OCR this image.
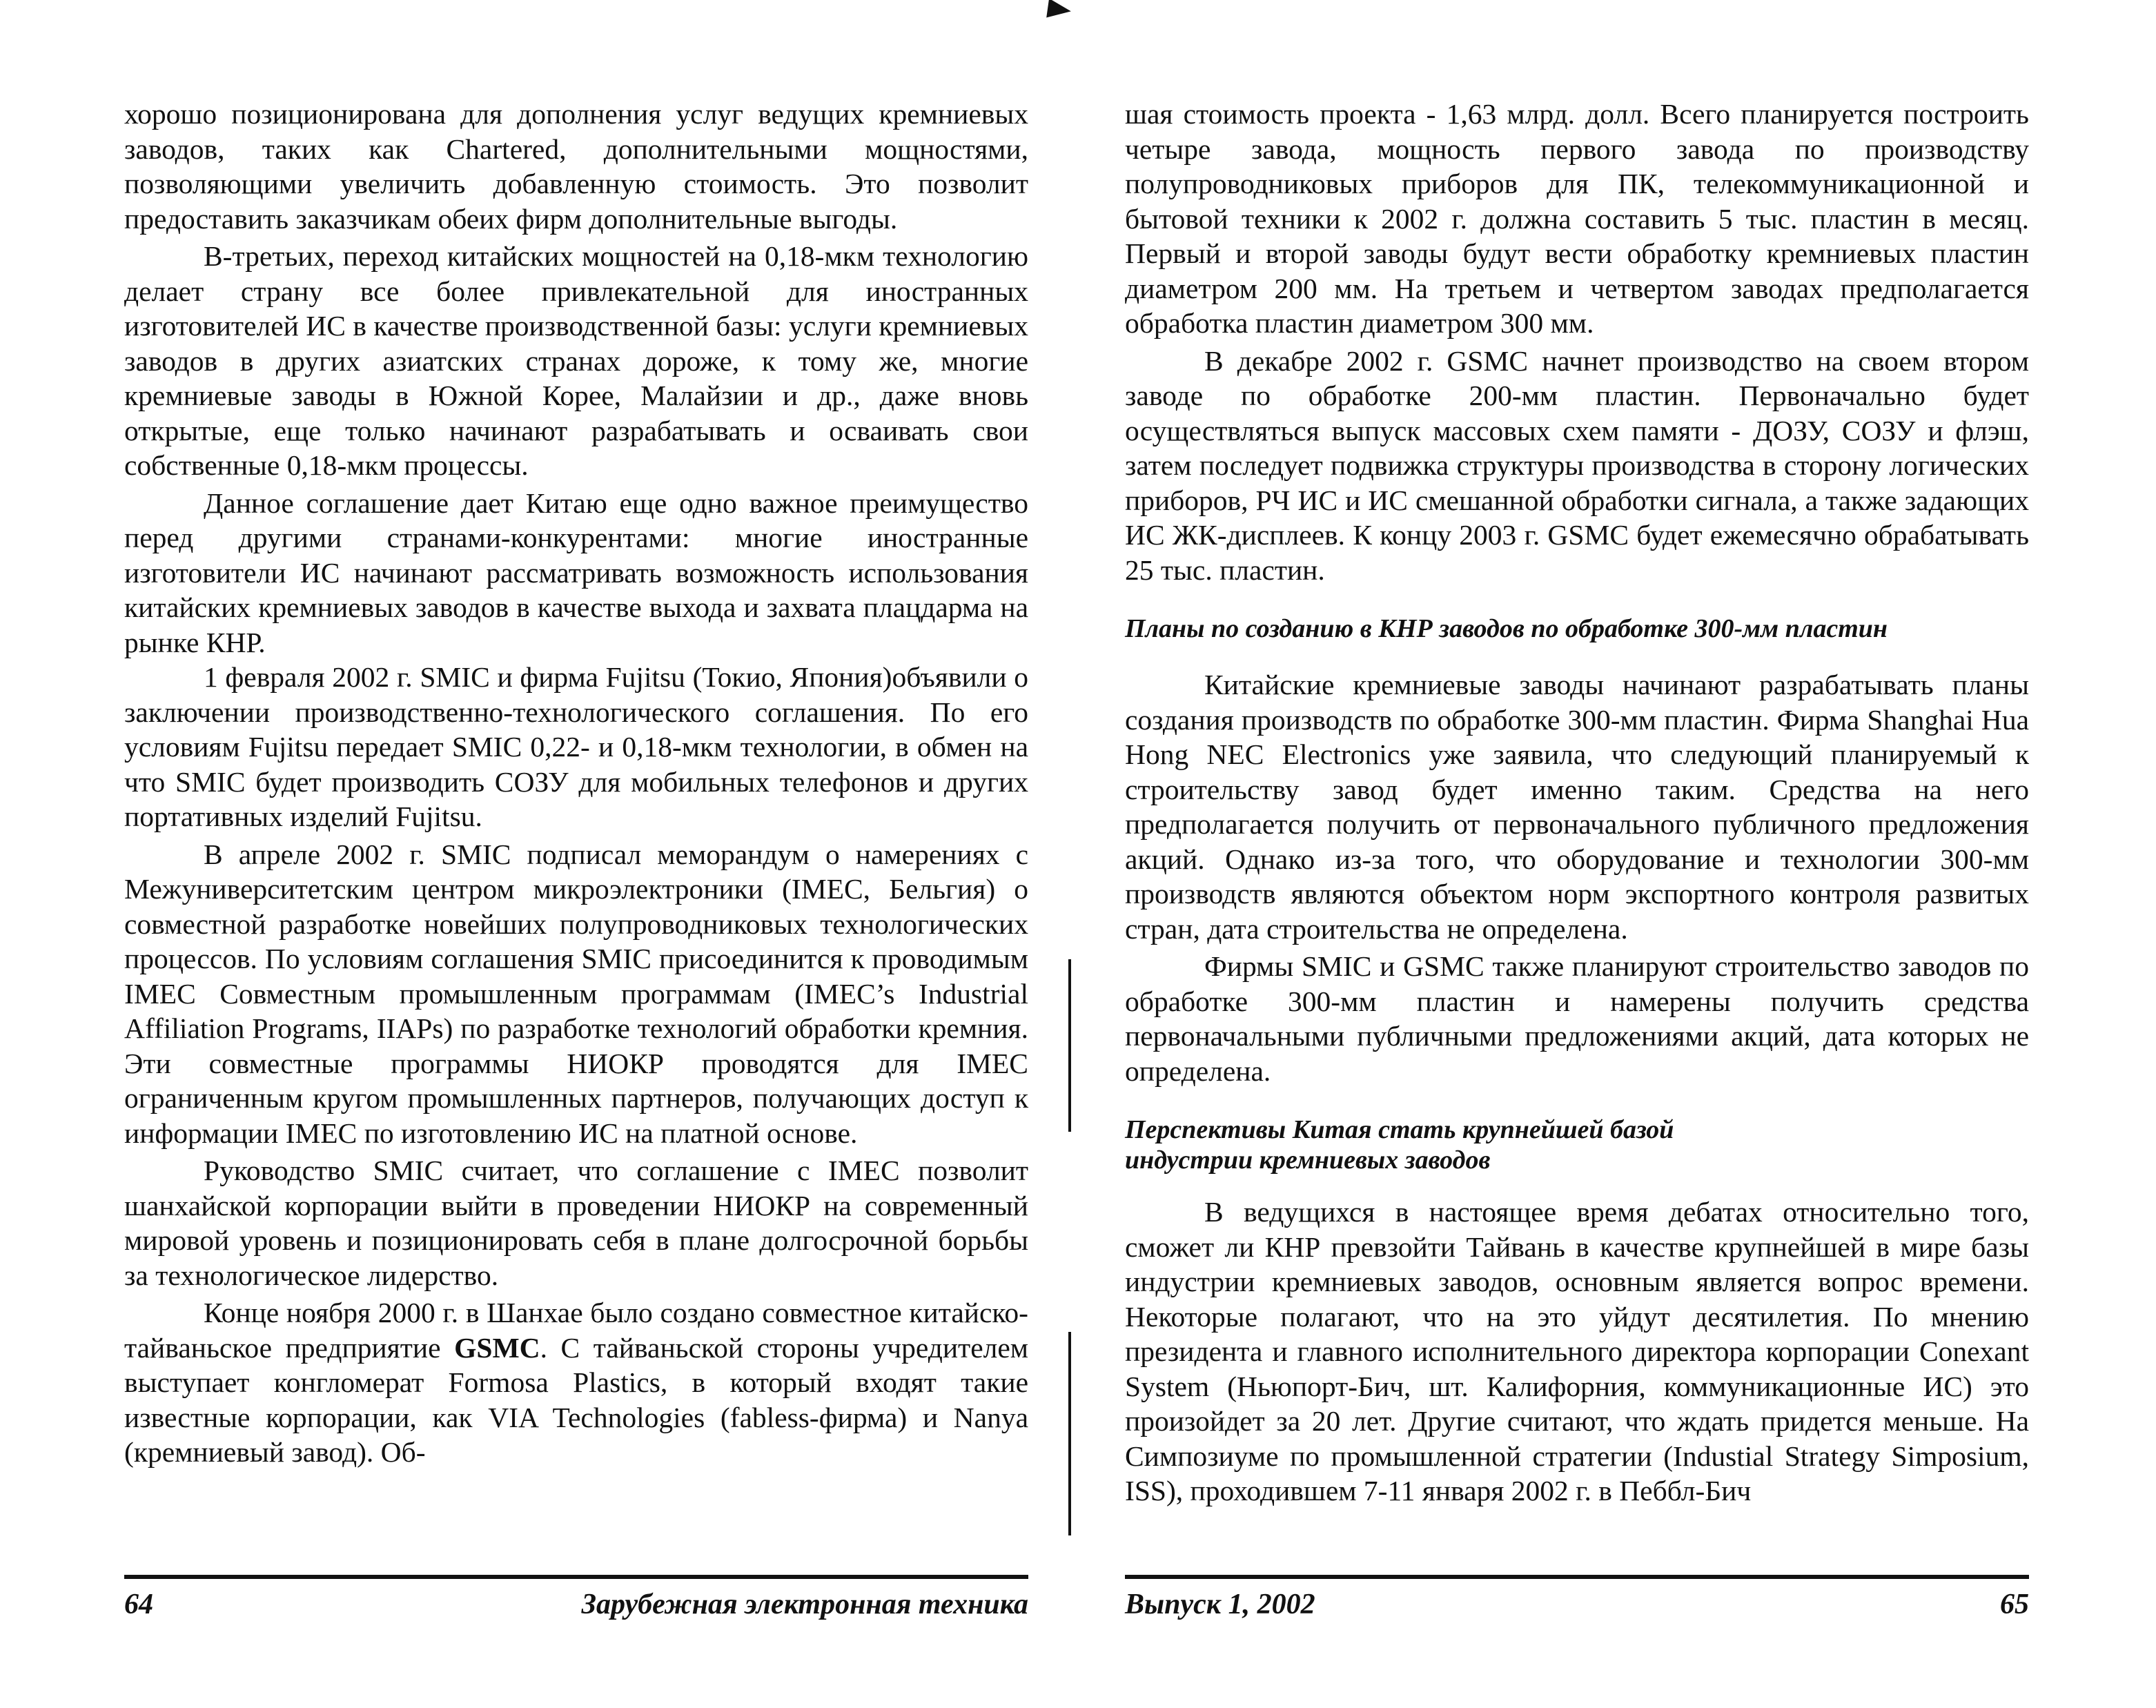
хорошо позиционирована для дополнения услуг ведущих кремниевых заводов, таких как Chartered, дополнительными мощностями, позволяющими увеличить добавленную стоимость. Это позволит предоставить заказчикам обеих фирм дополнительные выгоды.

В-третьих, переход китайских мощностей на 0,18-мкм технологию делает страну все более привлекательной для иностранных изготовителей ИС в качестве производственной базы: услуги кремниевых заводов в других азиатских странах дороже, к тому же, многие кремниевые заводы в Южной Корее, Малайзии и др., даже вновь открытые, еще только начинают разрабатывать и осваивать свои собственные 0,18-мкм процессы.

Данное соглашение дает Китаю еще одно важное преимущество перед другими странами-конкурентами: многие иностранные изготовители ИС начинают рассматривать возможность использования китайских кремниевых заводов в качестве выхода и захвата плацдарма на рынке КНР.

1 февраля 2002 г. SMIC и фирма Fujitsu (Токио, Япония)объявили о заключении производственно-технологического соглашения. По его условиям Fujitsu передает SMIC 0,22- и 0,18-мкм технологии, в обмен на что SMIC будет производить СОЗУ для мобильных телефонов и других портативных изделий Fujitsu.

В апреле 2002 г. SMIC подписал меморандум о намерениях с Межуниверситетским центром микроэлектроники (IMEC, Бельгия) о совместной разработке новейших полупроводниковых технологических процессов. По условиям соглашения SMIC присоединится к проводимым IMEC Совместным промышленным программам (IMEC’s Industrial Affiliation Programs, IIAPs) по разработке технологий обработки кремния. Эти совместные программы НИОКР проводятся для IMEC ограниченным кругом промышленных партнеров, получающих доступ к информации IMEC по изготовлению ИС на платной основе.

Руководство SMIC считает, что соглашение с IMEC позволит шанхайской корпорации выйти в проведении НИОКР на современный мировой уровень и позиционировать себя в плане долгосрочной борьбы за технологическое лидерство.

Конце ноября 2000 г. в Шанхае было создано совместное китайско-тайваньское предприятие GSMC. С тайваньской стороны учредителем выступает конгломерат Formosa Plastics, в который входят такие известные корпорации, как VIA Technologies (fabless-фирма) и Nanya (кремниевый завод). Об-

шая стоимость проекта - 1,63 млрд. долл. Всего планируется построить четыре завода, мощность первого завода по производству полупроводниковых приборов для ПК, телекоммуникационной и бытовой техники к 2002 г. должна составить 5 тыс. пластин в месяц. Первый и второй заводы будут вести обработку кремниевых пластин диаметром 200 мм. На третьем и четвертом заводах предполагается обработка пластин диаметром 300 мм.

В декабре 2002 г. GSMC начнет производство на своем втором заводе по обработке 200-мм пластин. Первоначально будет осуществляться выпуск массовых схем памяти - ДОЗУ, СОЗУ и флэш, затем последует подвижка структуры производства в сторону логических приборов, РЧ ИС и ИС смешанной обработки сигнала, а также задающих ИС ЖК-дисплеев. К концу 2003 г. GSMC будет ежемесячно обрабатывать 25 тыс. пластин.

Планы по созданию в КНР заводов по обработке 300-мм пластин

Китайские кремниевые заводы начинают разрабатывать планы создания производств по обработке 300-мм пластин. Фирма Shanghai Hua Hong NEC Electronics уже заявила, что следующий планируемый к строительству завод будет именно таким. Средства на него предполагается получить от первоначального публичного предложения акций. Однако из-за того, что оборудование и технологии 300-мм производств являются объектом норм экспортного контроля развитых стран, дата строительства не определена.

Фирмы SMIC и GSMC также планируют строительство заводов по обработке 300-мм пластин и намерены получить средства первоначальными публичными предложениями акций, дата которых не определена.

Перспективы Китая стать крупнейшей базой
индустрии кремниевых заводов

В ведущихся в настоящее время дебатах относительно того, сможет ли КНР превзойти Тайвань в качестве крупнейшей в мире базы индустрии кремниевых заводов, основным является вопрос времени. Некоторые полагают, что на это уйдут десятилетия. По мнению президента и главного исполнительного директора корпорации Conexant System (Ньюпорт-Бич, шт. Калифорния, коммуникационные ИС) это произойдет за 20 лет. Другие считают, что ждать придется меньше. На Симпозиуме по промышленной стратегии (Industial Strategy Simposium, ISS), проходившем 7-11 января 2002 г. в Пеббл-Бич

64	Зарубежная электронная техника	Выпуск 1, 2002	65
